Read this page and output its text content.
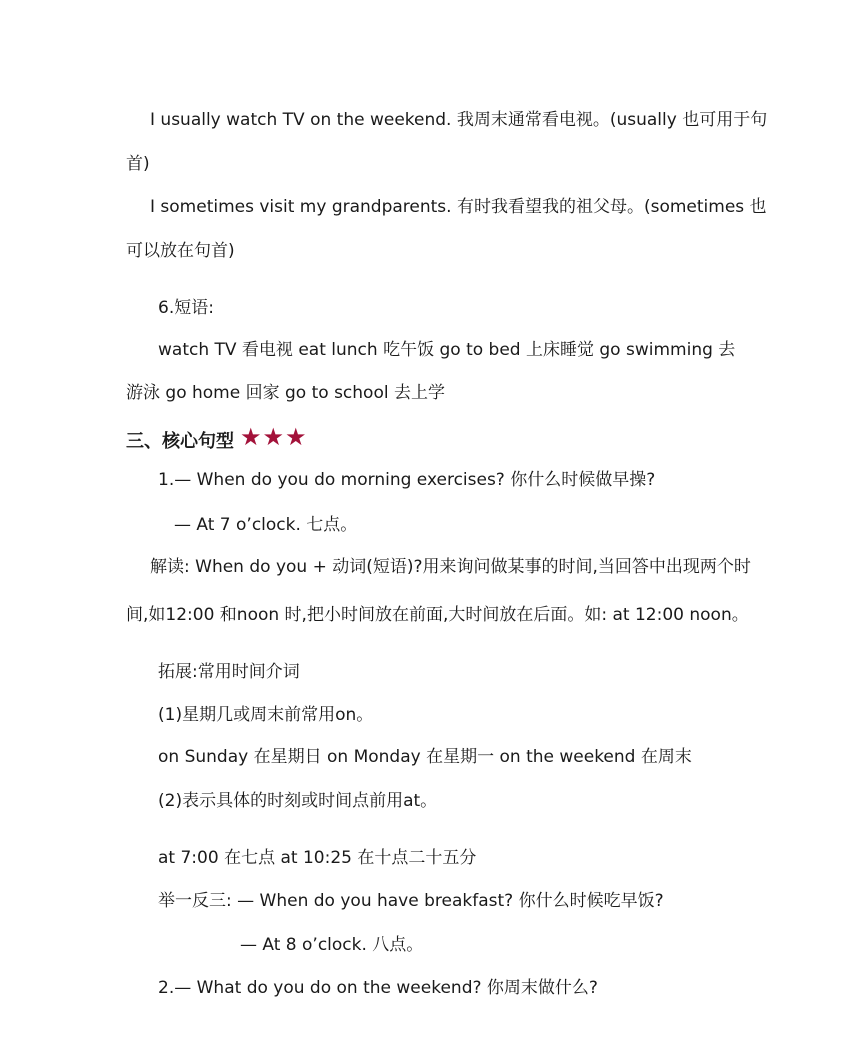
I usually watch TV on the weekend. 我周末通常看电视。(usually 也可用于句
首)
I sometimes visit my grandparents. 有时我看望我的祖父母。(sometimes 也
可以放在句首)
6.短语:
watch TV 看电视 eat lunch 吃午饭 go to bed 上床睡觉 go swimming 去
游泳 go home 回家 go to school 去上学
三、核心句型 ★★★
1.— When do you do morning exercises? 你什么时候做早操?
— At 7 o’clock. 七点。
解读: When do you + 动词(短语)?用来询问做某事的时间,当回答中出现两个时
间,如12:00 和noon 时,把小时间放在前面,大时间放在后面。如: at 12:00 noon。
拓展:常用时间介词
(1)星期几或周末前常用on。
on Sunday 在星期日 on Monday 在星期一 on the weekend 在周末
(2)表示具体的时刻或时间点前用at。
at 7:00 在七点 at 10:25 在十点二十五分
举一反三: — When do you have breakfast? 你什么时候吃早饭?
— At 8 o’clock. 八点。
2.— What do you do on the weekend? 你周末做什么?
